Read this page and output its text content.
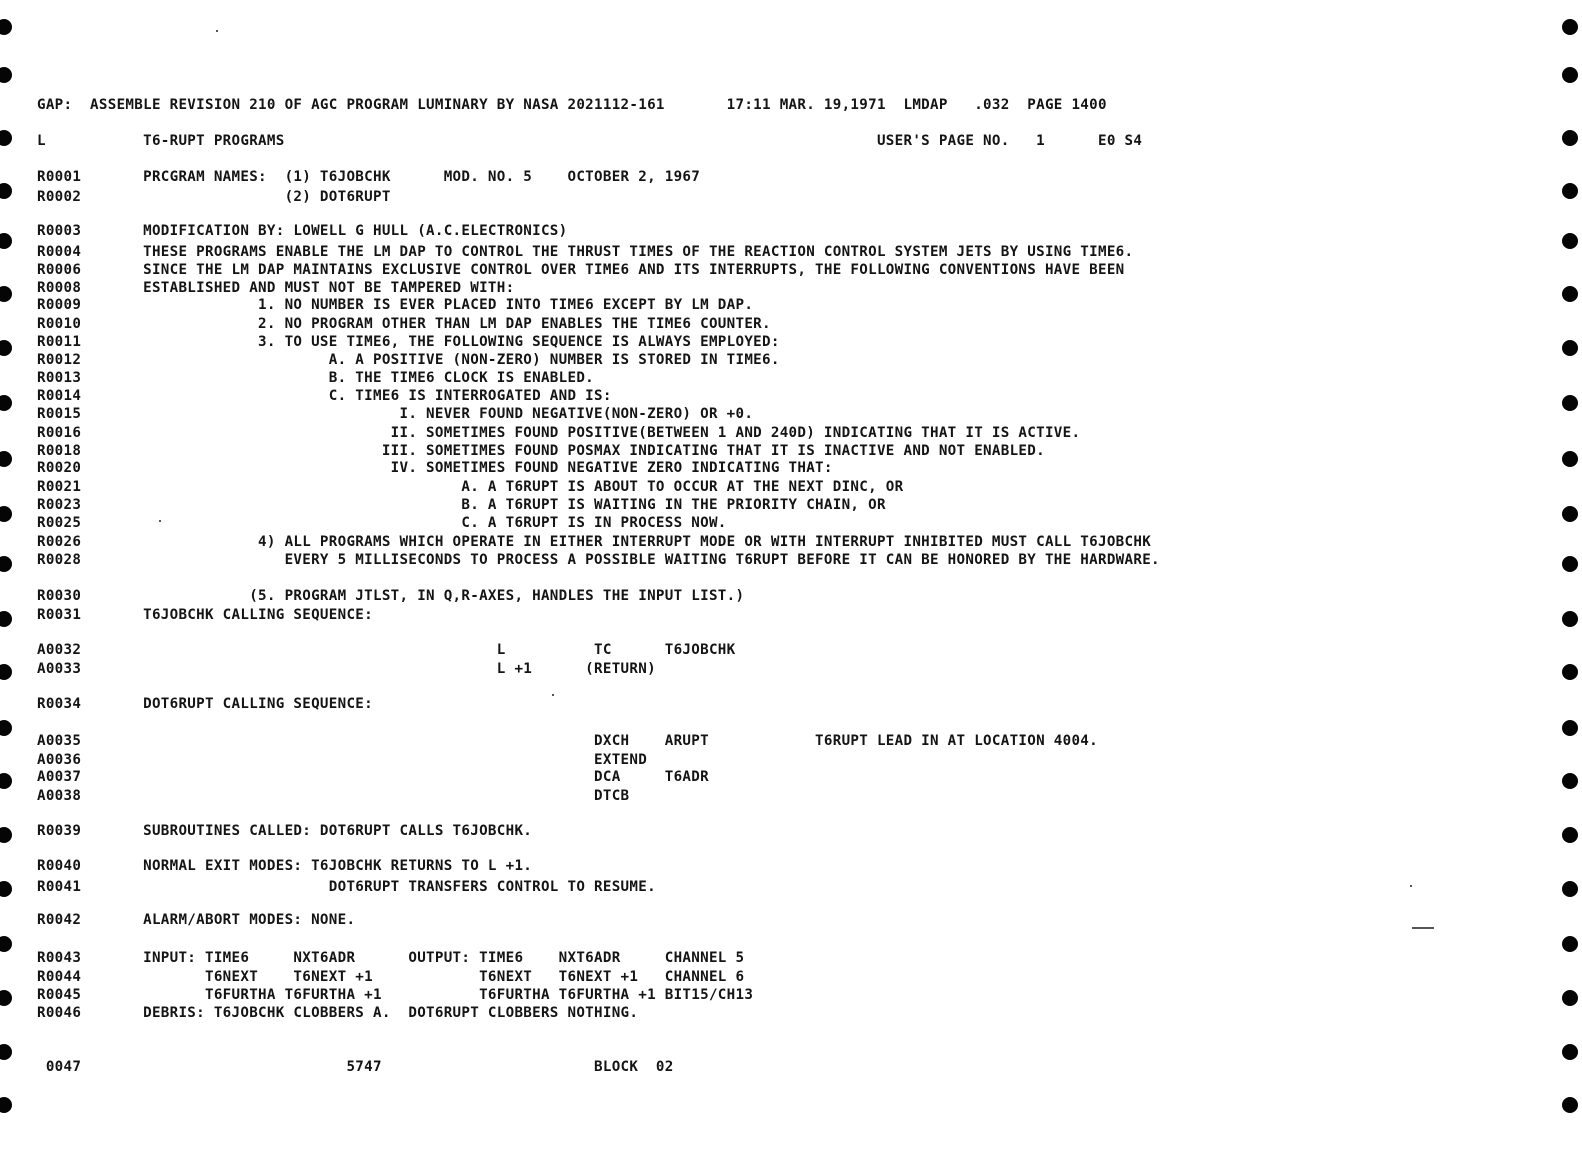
GAP:  ASSEMBLE REVISION 210 OF AGC PROGRAM LUMINARY BY NASA 2021112-161       17:11 MAR. 19,1971  LMDAP   .032  PAGE 1400
L           T6-RUPT PROGRAMS                                                                   USER'S PAGE NO.   1      E0 S4
R0001       PRCGRAM NAMES:  (1) T6JOBCHK      MOD. NO. 5    OCTOBER 2, 1967
R0002                       (2) DOT6RUPT
R0003       MODIFICATION BY: LOWELL G HULL (A.C.ELECTRONICS)
R0004       THESE PROGRAMS ENABLE THE LM DAP TO CONTROL THE THRUST TIMES OF THE REACTION CONTROL SYSTEM JETS BY USING TIME6.
R0006       SINCE THE LM DAP MAINTAINS EXCLUSIVE CONTROL OVER TIME6 AND ITS INTERRUPTS, THE FOLLOWING CONVENTIONS HAVE BEEN
R0008       ESTABLISHED AND MUST NOT BE TAMPERED WITH:
R0009                    1. NO NUMBER IS EVER PLACED INTO TIME6 EXCEPT BY LM DAP.
R0010                    2. NO PROGRAM OTHER THAN LM DAP ENABLES THE TIME6 COUNTER.
R0011                    3. TO USE TIME6, THE FOLLOWING SEQUENCE IS ALWAYS EMPLOYED:
R0012                            A. A POSITIVE (NON-ZERO) NUMBER IS STORED IN TIME6.
R0013                            B. THE TIME6 CLOCK IS ENABLED.
R0014                            C. TIME6 IS INTERROGATED AND IS:
R0015                                    I. NEVER FOUND NEGATIVE(NON-ZERO) OR +0.
R0016                                   II. SOMETIMES FOUND POSITIVE(BETWEEN 1 AND 240D) INDICATING THAT IT IS ACTIVE.
R0018                                  III. SOMETIMES FOUND POSMAX INDICATING THAT IT IS INACTIVE AND NOT ENABLED.
R0020                                   IV. SOMETIMES FOUND NEGATIVE ZERO INDICATING THAT:
R0021                                           A. A T6RUPT IS ABOUT TO OCCUR AT THE NEXT DINC, OR
R0023                                           B. A T6RUPT IS WAITING IN THE PRIORITY CHAIN, OR
R0025                                           C. A T6RUPT IS IN PROCESS NOW.
R0026                    4) ALL PROGRAMS WHICH OPERATE IN EITHER INTERRUPT MODE OR WITH INTERRUPT INHIBITED MUST CALL T6JOBCHK
R0028                       EVERY 5 MILLISECONDS TO PROCESS A POSSIBLE WAITING T6RUPT BEFORE IT CAN BE HONORED BY THE HARDWARE.
R0030                   (5. PROGRAM JTLST, IN Q,R-AXES, HANDLES THE INPUT LIST.)
R0031       T6JOBCHK CALLING SEQUENCE:
A0032                                               L          TC      T6JOBCHK
A0033                                               L +1      (RETURN)
R0034       DOT6RUPT CALLING SEQUENCE:
A0035                                                          DXCH    ARUPT            T6RUPT LEAD IN AT LOCATION 4004.
A0036                                                          EXTEND
A0037                                                          DCA     T6ADR
A0038                                                          DTCB
R0039       SUBROUTINES CALLED: DOT6RUPT CALLS T6JOBCHK.
R0040       NORMAL EXIT MODES: T6JOBCHK RETURNS TO L +1.
R0041                            DOT6RUPT TRANSFERS CONTROL TO RESUME.
R0042       ALARM/ABORT MODES: NONE.
R0043       INPUT: TIME6     NXT6ADR      OUTPUT: TIME6    NXT6ADR     CHANNEL 5
R0044              T6NEXT    T6NEXT +1            T6NEXT   T6NEXT +1   CHANNEL 6
R0045              T6FURTHA T6FURTHA +1           T6FURTHA T6FURTHA +1 BIT15/CH13
R0046       DEBRIS: T6JOBCHK CLOBBERS A.  DOT6RUPT CLOBBERS NOTHING.
0047                              5747                        BLOCK  02
